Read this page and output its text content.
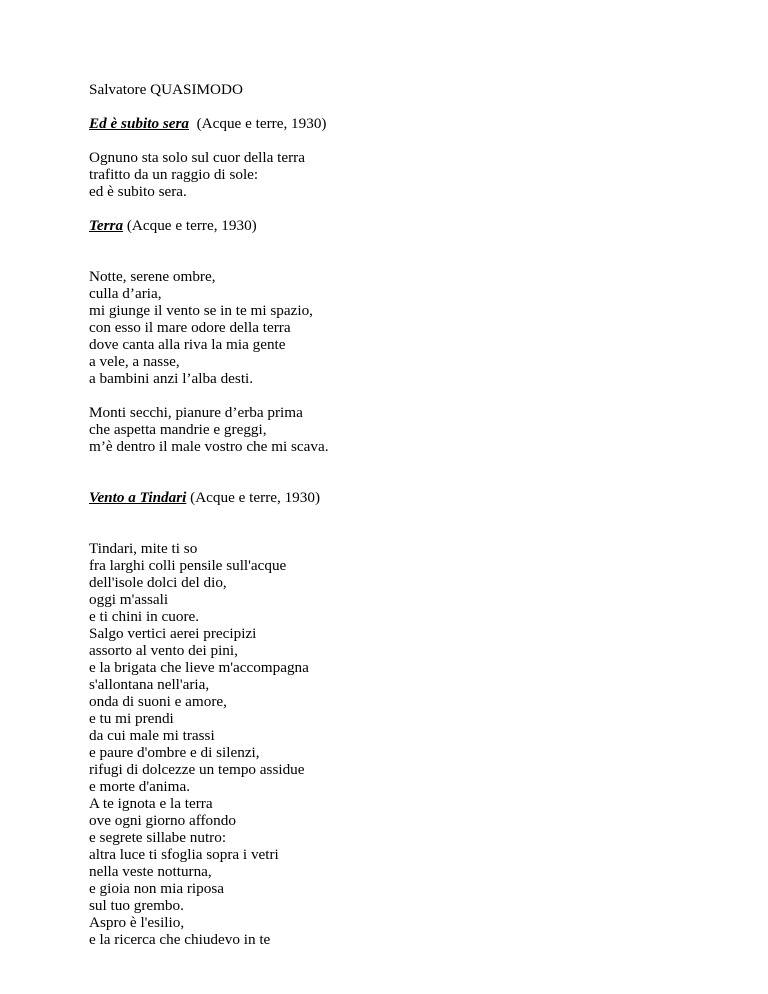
Salvatore QUASIMODO
Ed è subito sera (Acque e terre, 1930)
Ognuno sta solo sul cuor della terra
trafitto da un raggio di sole:
ed è subito sera.
Terra (Acque e terre, 1930)
Notte, serene ombre,
culla d’aria,
mi giunge il vento se in te mi spazio,
con esso il mare odore della terra
dove canta alla riva la mia gente
a vele, a nasse,
a bambini anzi l’alba desti.
Monti secchi, pianure d’erba prima
che aspetta mandrie e greggi,
m’è dentro il male vostro che mi scava.
Vento a Tindari (Acque e terre, 1930)
Tindari, mite ti so
fra larghi colli pensile sull'acque
dell'isole dolci del dio,
oggi m'assali
e ti chini in cuore.
Salgo vertici aerei precipizi
assorto al vento dei pini,
e la brigata che lieve m'accompagna
s'allontana nell'aria,
onda di suoni e amore,
e tu mi prendi
da cui male mi trassi
e paure d'ombre e di silenzi,
rifugi di dolcezze un tempo assidue
e morte d'anima.
A te ignota e la terra
ove ogni giorno affondo
e segrete sillabe nutro:
altra luce ti sfoglia sopra i vetri
nella veste notturna,
e gioia non mia riposa
sul tuo grembo.
Aspro è l'esilio,
e la ricerca che chiudevo in te
